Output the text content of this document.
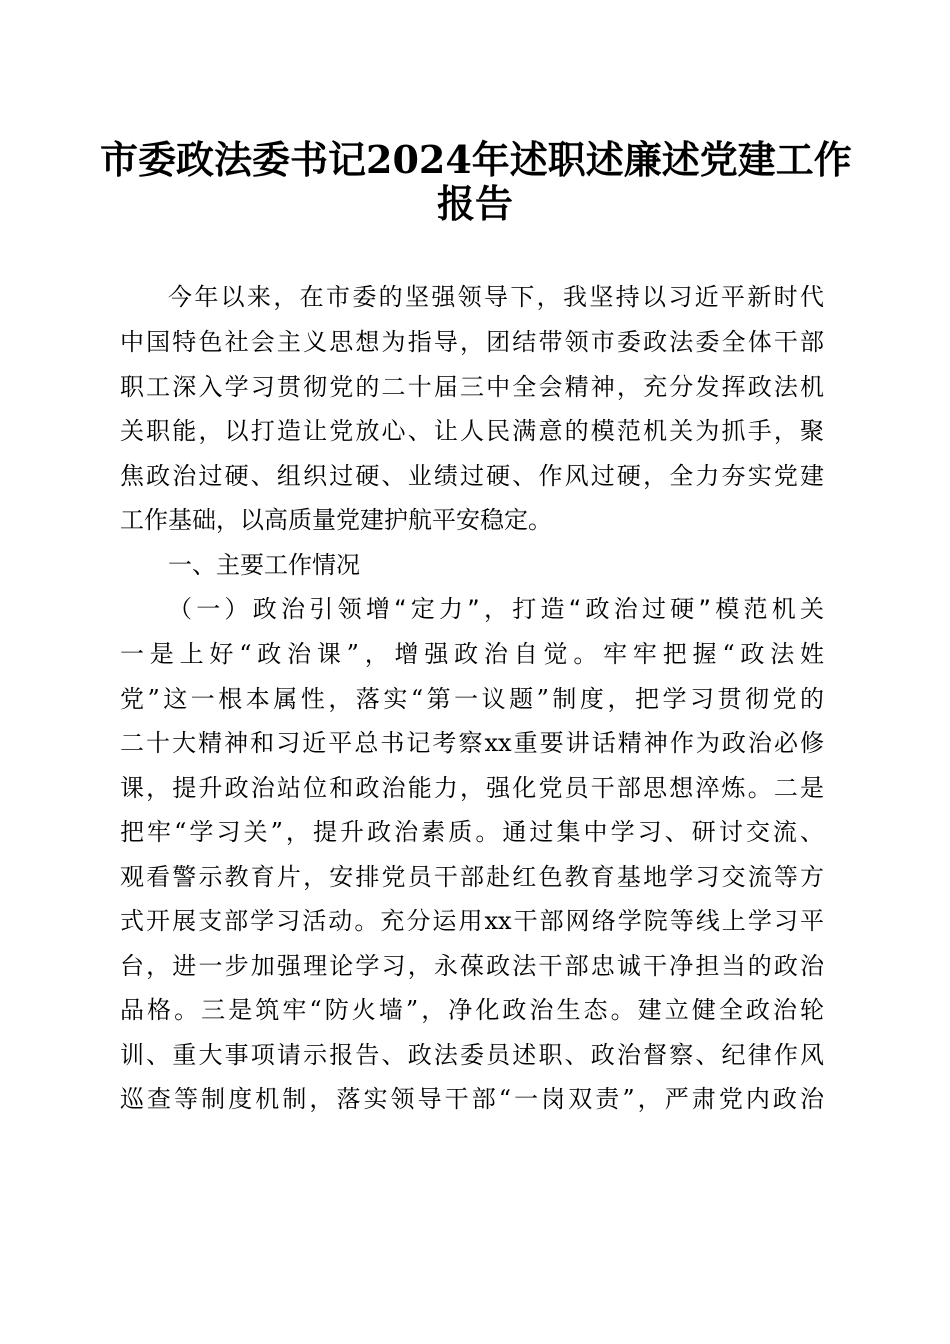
市委政法委书记2024年述职述廉述党建工作
报告
今年以来，在市委的坚强领导下，我坚持以习近平新时代
中国特色社会主义思想为指导，团结带领市委政法委全体干部
职工深入学习贯彻党的二十届三中全会精神，充分发挥政法机
关职能，以打造让党放心、让人民满意的模范机关为抓手，聚
焦政治过硬、组织过硬、业绩过硬、作风过硬，全力夯实党建
工作基础，以高质量党建护航平安稳定。
一、主要工作情况
（一）政治引领增“定力”，打造“政治过硬”模范机关
一是上好“政治课”，增强政治自觉。牢牢把握“政法姓
党”这一根本属性，落实“第一议题”制度，把学习贯彻党的
二十大精神和习近平总书记考察xx重要讲话精神作为政治必修
课，提升政治站位和政治能力，强化党员干部思想淬炼。二是
把牢“学习关”，提升政治素质。通过集中学习、研讨交流、
观看警示教育片，安排党员干部赴红色教育基地学习交流等方
式开展支部学习活动。充分运用xx干部网络学院等线上学习平
台，进一步加强理论学习，永葆政法干部忠诚干净担当的政治
品格。三是筑牢“防火墙”，净化政治生态。建立健全政治轮
训、重大事项请示报告、政法委员述职、政治督察、纪律作风
巡查等制度机制，落实领导干部“一岗双责”，严肃党内政治
